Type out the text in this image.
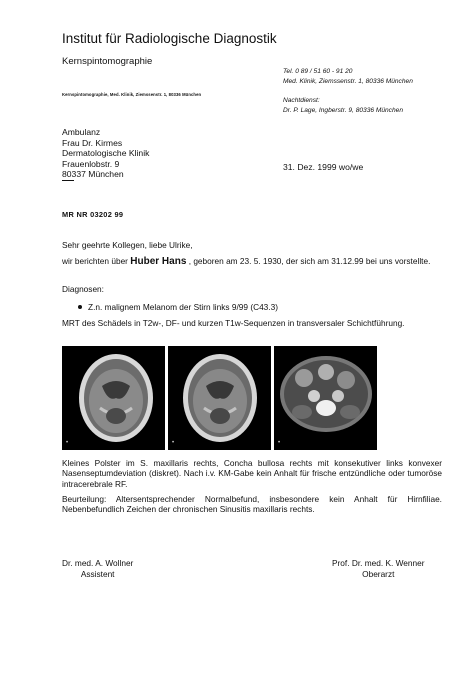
Institut für Radiologische Diagnostik
Kernspintomographie
Kernspintomographie, Med. Klinik, Ziemssenstr. 1, 80336 München
Tel. 0 89 / 51 60 - 91 20
Med. Klinik, Ziemssenstr. 1, 80336 München
Nachtdienst:
Dr. P. Lage, Ingberstr. 9, 80336 München
Ambulanz
Frau Dr. Kirmes
Dermatologische Klinik
Frauenlobstr. 9
80337 München
31. Dez. 1999 wo/we
MR NR 03202 99
Sehr geehrte Kollegen, liebe Ulrike,
wir berichten über Huber Hans , geboren am 23. 5. 1930, der sich am 31.12.99 bei uns vorstellte.
Diagnosen:
Z.n. malignem Melanom der Stirn links 9/99 (C43.3)
MRT des Schädels in T2w-, DF- und kurzen T1w-Sequenzen in transversaler Schichtführung.
•	•	•
Kleines Polster im S. maxillaris rechts, Concha bullosa rechts mit konsekutiver links konvexer Nasenseptumdeviation (diskret). Nach i.v. KM-Gabe kein Anhalt für frische entzündliche oder tumoröse intracerebrale RF.
Beurteilung: Altersentsprechender Normalbefund, insbesondere kein Anhalt für Hirnfiliae. Nebenbefundlich Zeichen der chronischen Sinusitis maxillaris rechts.
Dr. med. A. Wollner
Assistent
Prof. Dr. med. K. Wenner
Oberarzt
